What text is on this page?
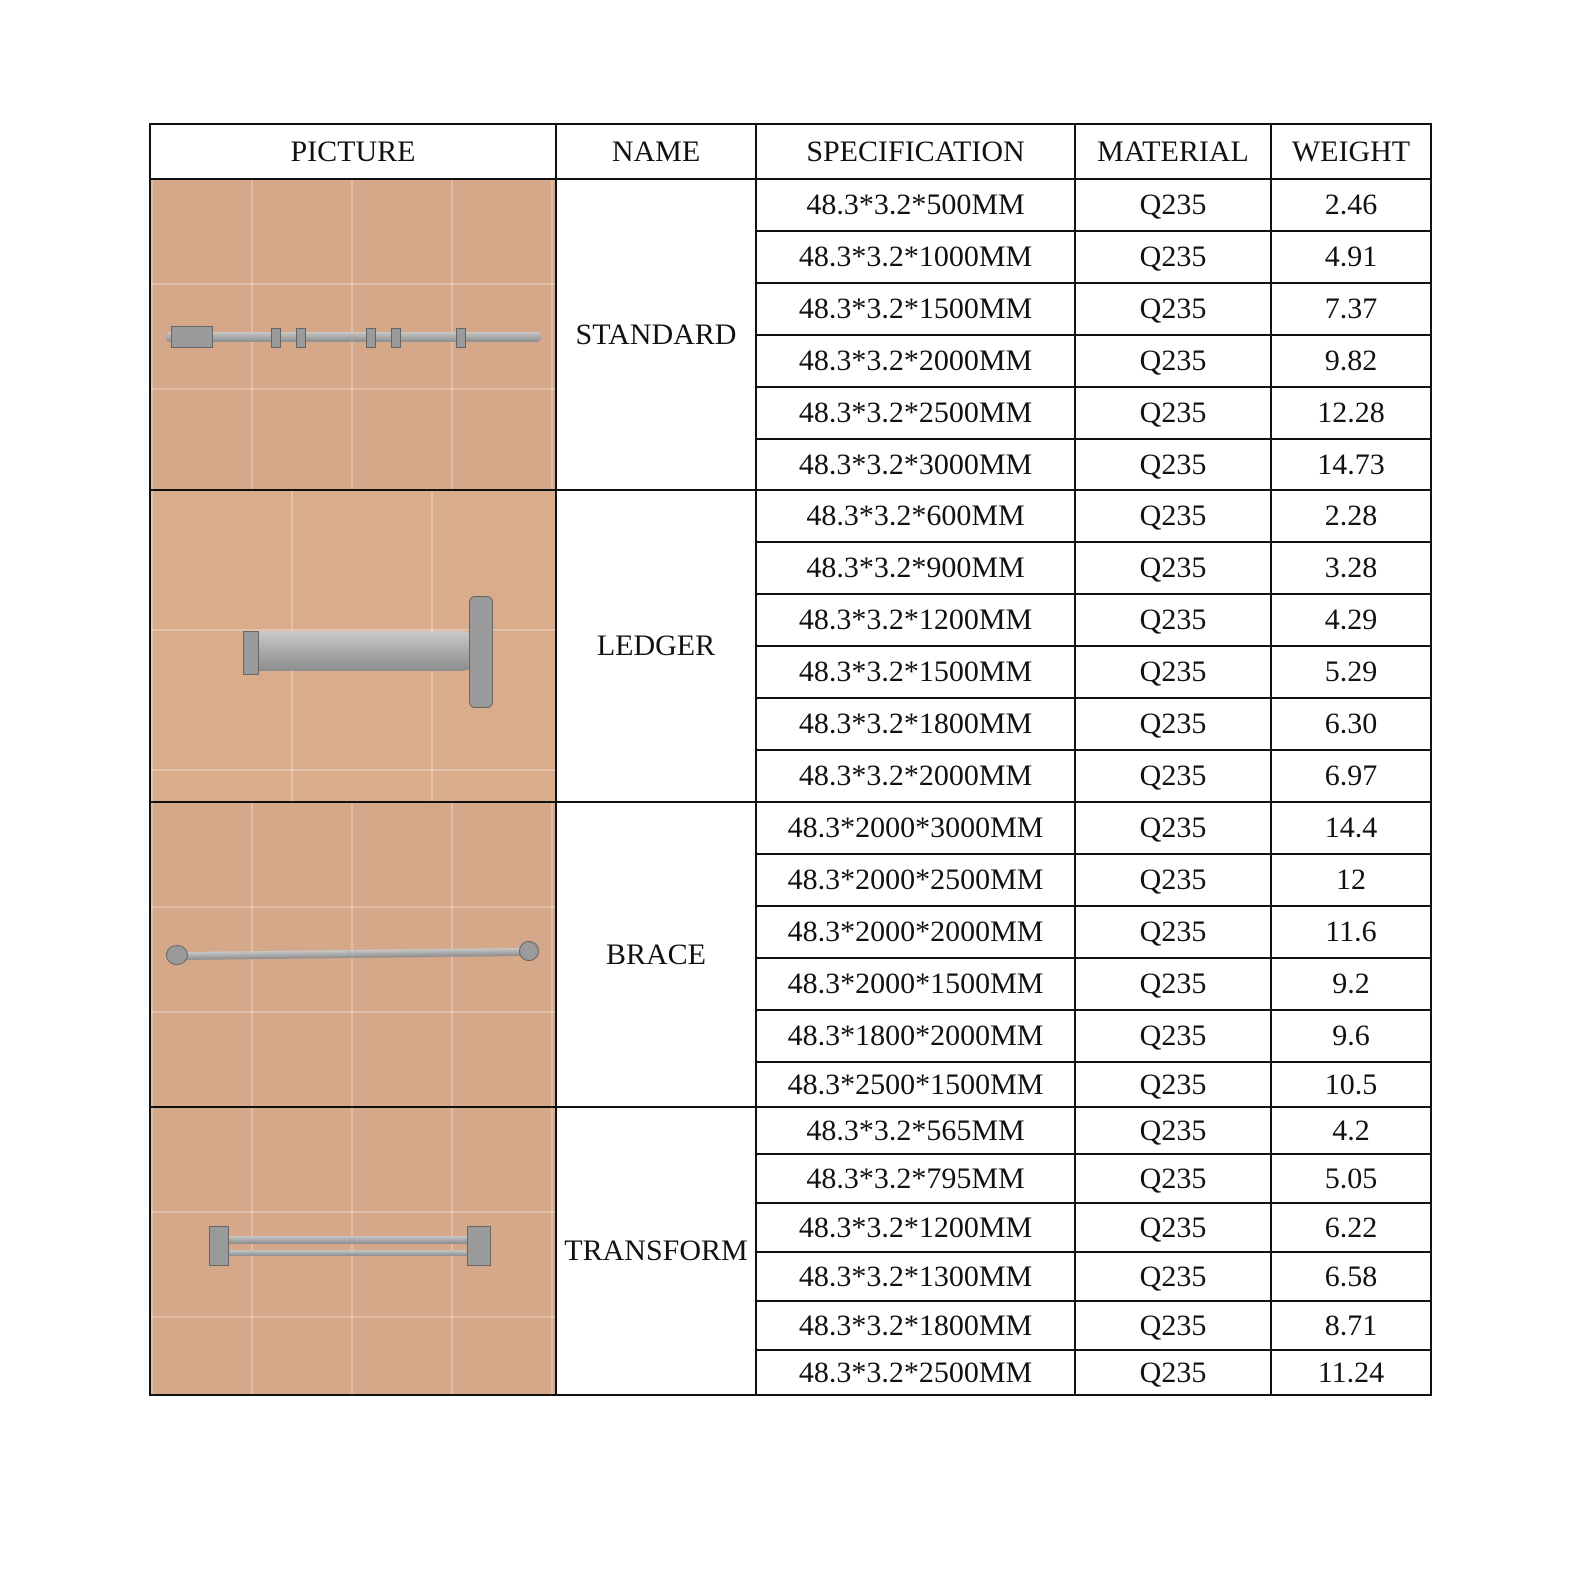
PICTURE	NAME	SPECIFICATION	MATERIAL	WEIGHT

	STANDARD	48.3*3.2*500MM	Q235	2.46
		48.3*3.2*1000MM	Q235	4.91
		48.3*3.2*1500MM	Q235	7.37
		48.3*3.2*2000MM	Q235	9.82
		48.3*3.2*2500MM	Q235	12.28
		48.3*3.2*3000MM	Q235	14.73

	LEDGER	48.3*3.2*600MM	Q235	2.28
		48.3*3.2*900MM	Q235	3.28
		48.3*3.2*1200MM	Q235	4.29
		48.3*3.2*1500MM	Q235	5.29
		48.3*3.2*1800MM	Q235	6.30
		48.3*3.2*2000MM	Q235	6.97

	BRACE	48.3*2000*3000MM	Q235	14.4
		48.3*2000*2500MM	Q235	12
		48.3*2000*2000MM	Q235	11.6
		48.3*2000*1500MM	Q235	9.2
		48.3*1800*2000MM	Q235	9.6
		48.3*2500*1500MM	Q235	10.5

	TRANSFORM	48.3*3.2*565MM	Q235	4.2
		48.3*3.2*795MM	Q235	5.05
		48.3*3.2*1200MM	Q235	6.22
		48.3*3.2*1300MM	Q235	6.58
		48.3*3.2*1800MM	Q235	8.71
		48.3*3.2*2500MM	Q235	11.24
